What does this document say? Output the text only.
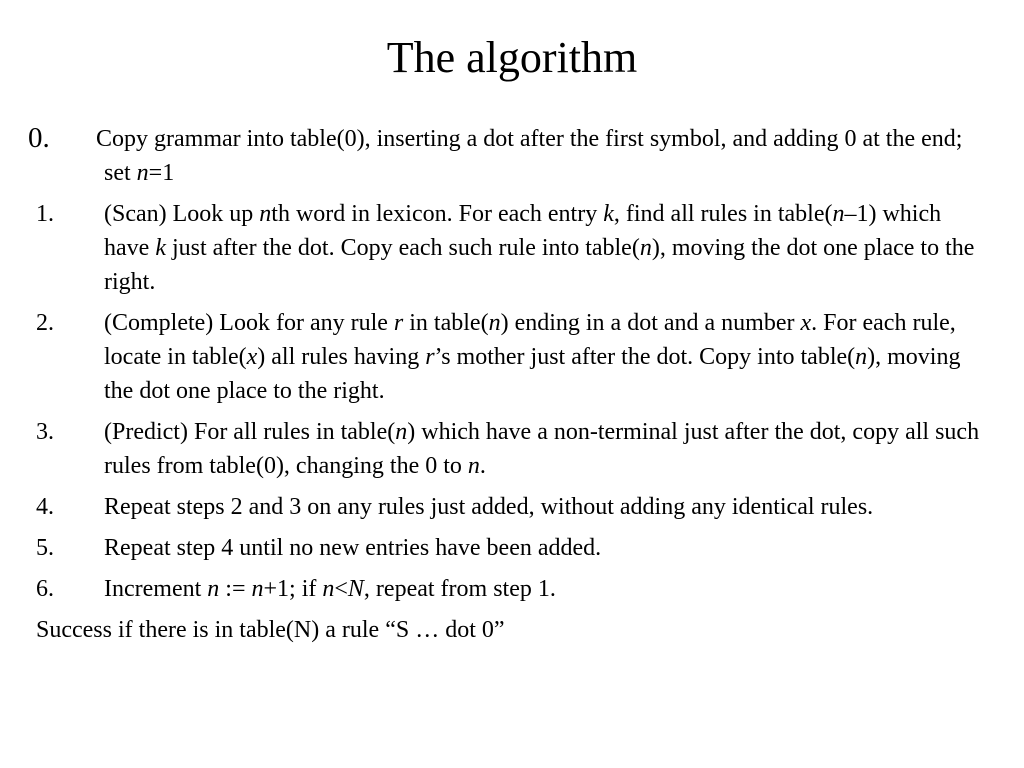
The algorithm
0. Copy grammar into table(0), inserting a dot after the first symbol, and adding 0 at the end; set n=1
1. (Scan) Look up nth word in lexicon. For each entry k, find all rules in table(n–1) which have k just after the dot. Copy each such rule into table(n), moving the dot one place to the right.
2. (Complete) Look for any rule r in table(n) ending in a dot and a number x. For each rule, locate in table(x) all rules having r’s mother just after the dot. Copy into table(n), moving the dot one place to the right.
3. (Predict) For all rules in table(n) which have a non-terminal just after the dot, copy all such rules from table(0), changing the 0 to n.
4. Repeat steps 2 and 3 on any rules just added, without adding any identical rules.
5. Repeat step 4 until no new entries have been added.
6. Increment n := n+1; if n<N, repeat from step 1.
Success if there is in table(N) a rule “S … dot 0”
